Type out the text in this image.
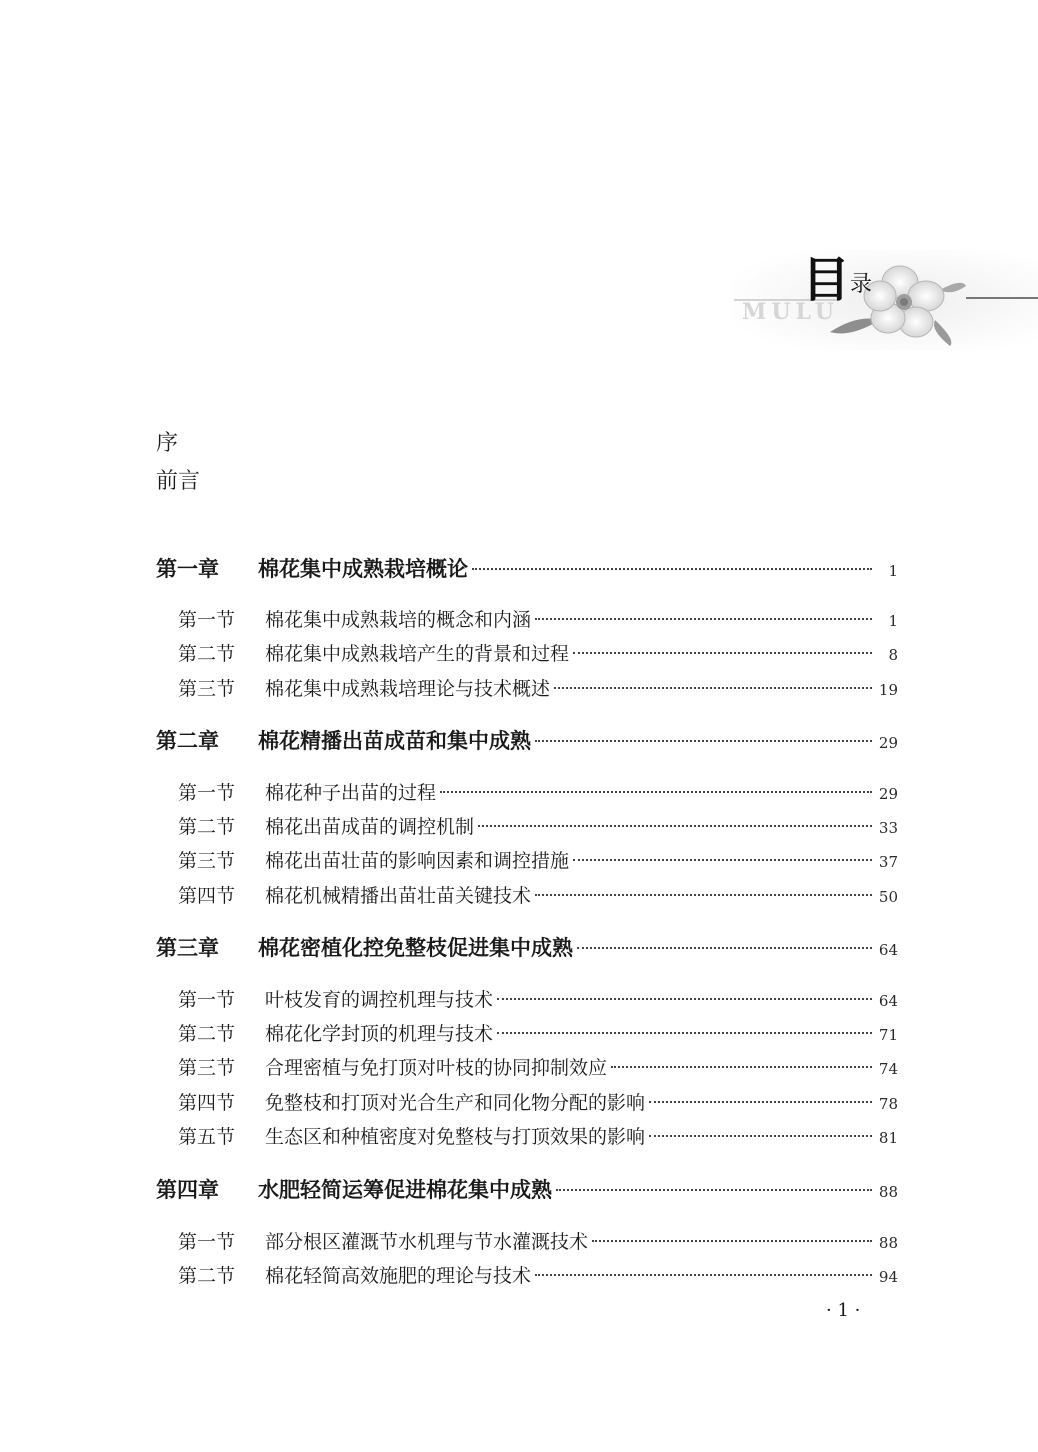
目 录
MULU
序
前言
第一章	棉花集中成熟栽培概论	1
第一节	棉花集中成熟栽培的概念和内涵	1
第二节	棉花集中成熟栽培产生的背景和过程	8
第三节	棉花集中成熟栽培理论与技术概述	19
第二章	棉花精播出苗成苗和集中成熟	29
第一节	棉花种子出苗的过程	29
第二节	棉花出苗成苗的调控机制	33
第三节	棉花出苗壮苗的影响因素和调控措施	37
第四节	棉花机械精播出苗壮苗关键技术	50
第三章	棉花密植化控免整枝促进集中成熟	64
第一节	叶枝发育的调控机理与技术	64
第二节	棉花化学封顶的机理与技术	71
第三节	合理密植与免打顶对叶枝的协同抑制效应	74
第四节	免整枝和打顶对光合生产和同化物分配的影响	78
第五节	生态区和种植密度对免整枝与打顶效果的影响	81
第四章	水肥轻简运筹促进棉花集中成熟	88
第一节	部分根区灌溉节水机理与节水灌溉技术	88
第二节	棉花轻简高效施肥的理论与技术	94
· 1 ·
